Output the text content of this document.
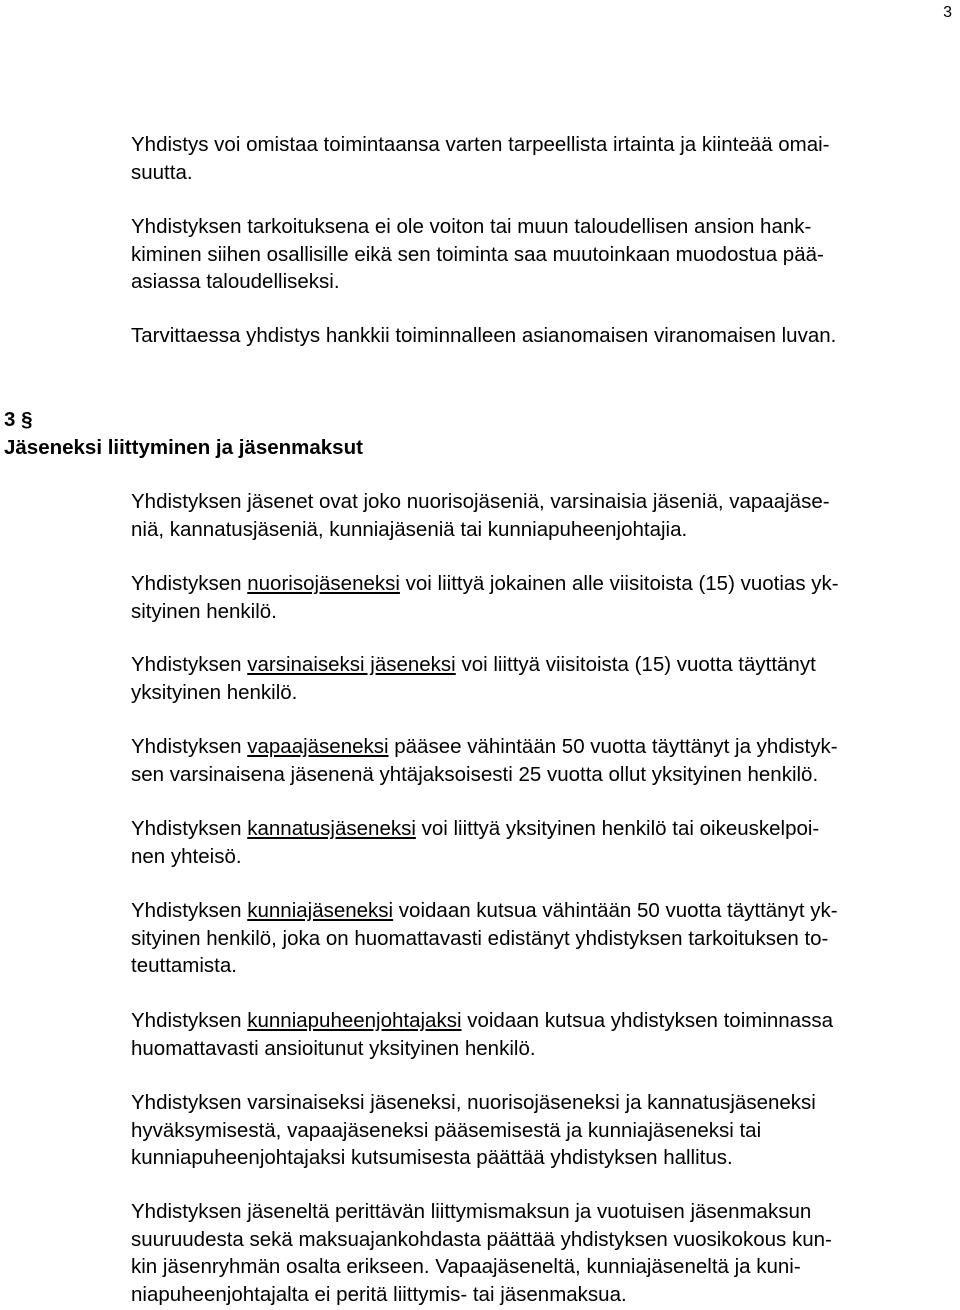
3

Yhdistys voi omistaa toimintaansa varten tarpeellista irtainta ja kiinteää omai-
suutta.

Yhdistyksen tarkoituksena ei ole voiton tai muun taloudellisen ansion hank-
kiminen siihen osallisille eikä sen toiminta saa muutoinkaan muodostua pää-
asiassa taloudelliseksi.

Tarvittaessa yhdistys hankkii toiminnalleen asianomaisen viranomaisen luvan.

3 §
Jäseneksi liittyminen ja jäsenmaksut

Yhdistyksen jäsenet ovat joko nuorisojäseniä, varsinaisia jäseniä, vapaajäse-
niä, kannatusjäseniä, kunniajäseniä tai kunniapuheenjohtajia.

Yhdistyksen nuorisojäseneksi voi liittyä jokainen alle viisitoista (15) vuotias yk-
sityinen henkilö.

Yhdistyksen varsinaiseksi jäseneksi voi liittyä viisitoista (15) vuotta täyttänyt
yksityinen henkilö.

Yhdistyksen vapaajäseneksi pääsee vähintään 50 vuotta täyttänyt ja yhdistyk-
sen varsinaisena jäsenenä yhtäjaksoisesti 25 vuotta ollut yksityinen henkilö.

Yhdistyksen kannatusjäseneksi voi liittyä yksityinen henkilö tai oikeuskelpoi-
nen yhteisö.

Yhdistyksen kunniajäseneksi voidaan kutsua vähintään 50 vuotta täyttänyt yk-
sityinen henkilö, joka on huomattavasti edistänyt yhdistyksen tarkoituksen to-
teuttamista.

Yhdistyksen kunniapuheenjohtajaksi voidaan kutsua yhdistyksen toiminnassa
huomattavasti ansioitunut yksityinen henkilö.

Yhdistyksen varsinaiseksi jäseneksi, nuorisojäseneksi ja kannatusjäseneksi
hyväksymisestä, vapaajäseneksi pääsemisestä ja kunniajäseneksi tai
kunniapuheenjohtajaksi kutsumisesta päättää yhdistyksen hallitus.

Yhdistyksen jäseneltä perittävän liittymismaksun ja vuotuisen jäsenmaksun
suuruudesta sekä maksuajankohdasta päättää yhdistyksen vuosikokous kun-
kin jäsenryhmän osalta erikseen. Vapaajäseneltä, kunniajäseneltä ja kuni-
niapuheenjohtajalta ei peritä liittymis- tai jäsenmaksua.
